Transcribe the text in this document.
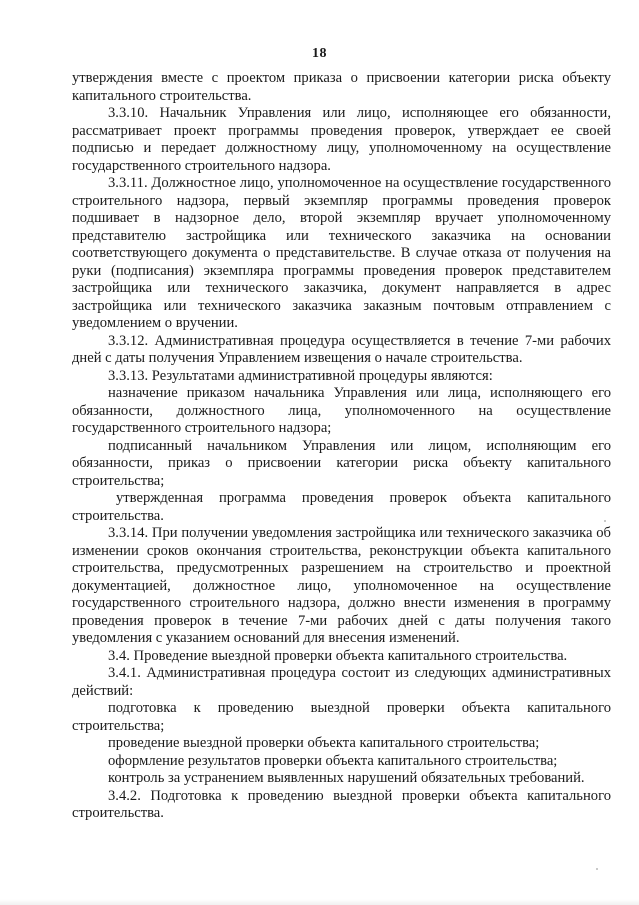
18

утверждения вместе с проектом приказа о присвоении категории риска объекту капитального строительства.

3.3.10. Начальник Управления или лицо, исполняющее его обязанности, рассматривает проект программы проведения проверок, утверждает ее своей подписью и передает должностному лицу, уполномоченному на осуществление государственного строительного надзора.

3.3.11. Должностное лицо, уполномоченное на осуществление государственного строительного надзора, первый экземпляр программы проведения проверок подшивает в надзорное дело, второй экземпляр вручает уполномоченному представителю застройщика или технического заказчика на основании соответствующего документа о представительстве. В случае отказа от получения на руки (подписания) экземпляра программы проведения проверок представителем застройщика или технического заказчика, документ направляется в адрес застройщика или технического заказчика заказным почтовым отправлением с уведомлением о вручении.

3.3.12. Административная процедура осуществляется в течение 7-ми рабочих дней с даты получения Управлением извещения о начале строительства.

3.3.13. Результатами административной процедуры являются:

назначение приказом начальника Управления или лица, исполняющего его обязанности, должностного лица, уполномоченного на осуществление государственного строительного надзора;

подписанный начальником Управления или лицом, исполняющим его обязанности, приказ о присвоении категории риска объекту капитального строительства;

утвержденная программа проведения проверок объекта капитального строительства.

3.3.14. При получении уведомления застройщика или технического заказчика об изменении сроков окончания строительства, реконструкции объекта капитального строительства, предусмотренных разрешением на строительство и проектной документацией, должностное лицо, уполномоченное на осуществление государственного строительного надзора, должно внести изменения в программу проведения проверок в течение 7-ми рабочих дней с даты получения такого уведомления с указанием оснований для внесения изменений.

3.4. Проведение выездной проверки объекта капитального строительства.

3.4.1. Административная процедура состоит из следующих административных действий:

подготовка к проведению выездной проверки объекта капитального строительства;

проведение выездной проверки объекта капитального строительства;

оформление результатов проверки объекта капитального строительства;

контроль за устранением выявленных нарушений обязательных требований.

3.4.2. Подготовка к проведению выездной проверки объекта капитального строительства.
